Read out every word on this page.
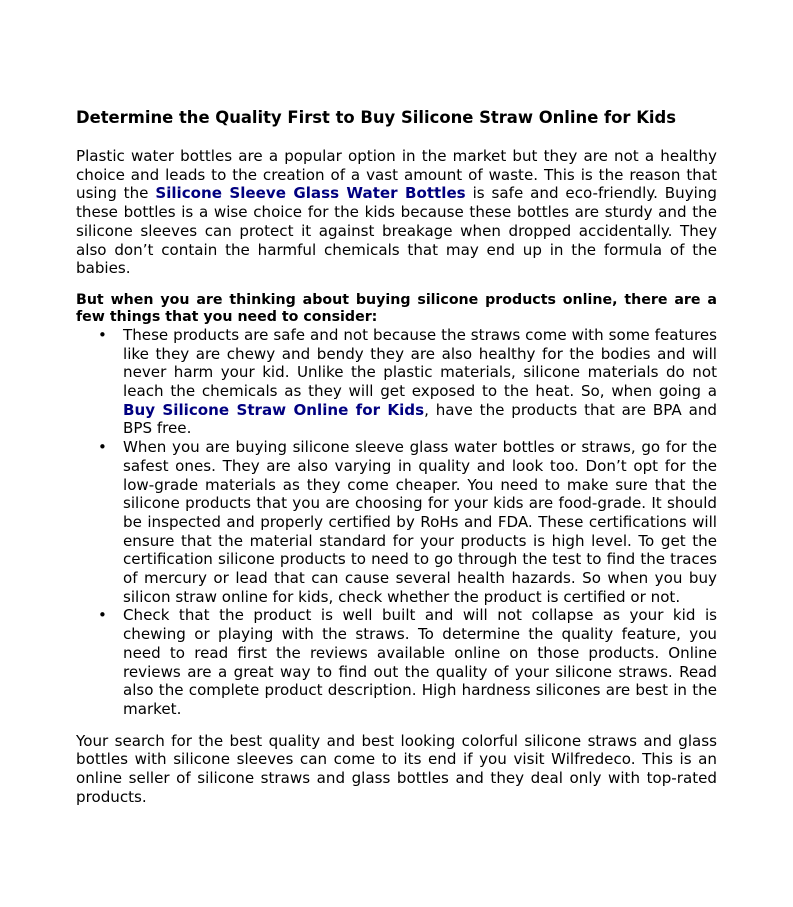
Determine the Quality First to Buy Silicone Straw Online for Kids

Plastic water bottles are a popular option in the market but they are not a healthy choice and leads to the creation of a vast amount of waste. This is the reason that using the Silicone Sleeve Glass Water Bottles is safe and eco-friendly. Buying these bottles is a wise choice for the kids because these bottles are sturdy and the silicone sleeves can protect it against breakage when dropped accidentally. They also don’t contain the harmful chemicals that may end up in the formula of the babies.

But when you are thinking about buying silicone products online, there are a few things that you need to consider:

• These products are safe and not because the straws come with some features like they are chewy and bendy they are also healthy for the bodies and will never harm your kid. Unlike the plastic materials, silicone materials do not leach the chemicals as they will get exposed to the heat. So, when going a Buy Silicone Straw Online for Kids, have the products that are BPA and BPS free.
• When you are buying silicone sleeve glass water bottles or straws, go for the safest ones. They are also varying in quality and look too. Don’t opt for the low-grade materials as they come cheaper. You need to make sure that the silicone products that you are choosing for your kids are food-grade. It should be inspected and properly certified by RoHs and FDA. These certifications will ensure that the material standard for your products is high level. To get the certification silicone products to need to go through the test to find the traces of mercury or lead that can cause several health hazards. So when you buy silicon straw online for kids, check whether the product is certified or not.
• Check that the product is well built and will not collapse as your kid is chewing or playing with the straws. To determine the quality feature, you need to read first the reviews available online on those products. Online reviews are a great way to find out the quality of your silicone straws. Read also the complete product description. High hardness silicones are best in the market.

Your search for the best quality and best looking colorful silicone straws and glass bottles with silicone sleeves can come to its end if you visit Wilfredeco. This is an online seller of silicone straws and glass bottles and they deal only with top-rated products.
